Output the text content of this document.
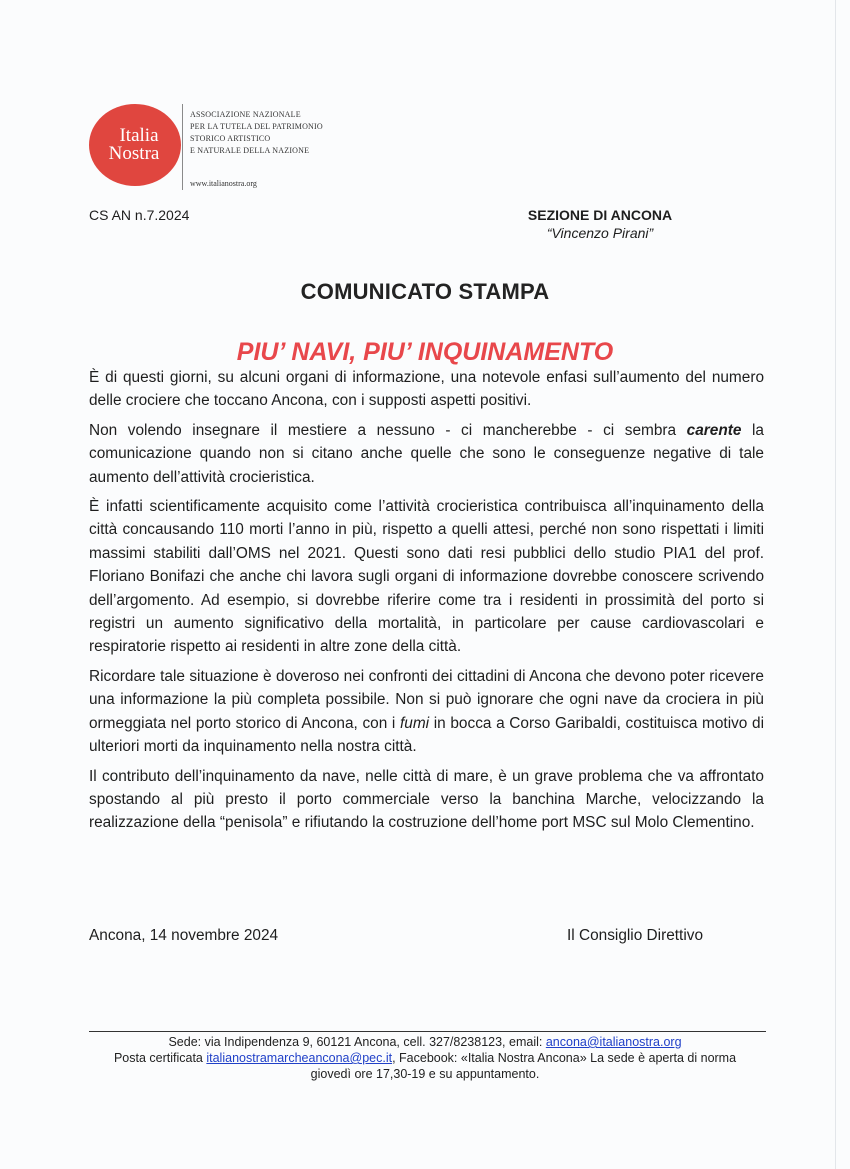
Italia
Nostra
ASSOCIAZIONE NAZIONALE
PER LA TUTELA DEL PATRIMONIO
STORICO ARTISTICO
E NATURALE DELLA NAZIONE
www.italianostra.org
CS AN n.7.2024	SEZIONE DI ANCONA
“Vincenzo Pirani”
COMUNICATO STAMPA
PIU’ NAVI, PIU’ INQUINAMENTO

È di questi giorni, su alcuni organi di informazione, una notevole enfasi sull’aumento del numero delle crociere che toccano Ancona, con i supposti aspetti positivi.

Non volendo insegnare il mestiere a nessuno - ci mancherebbe - ci sembra carente la comunicazione quando non si citano anche quelle che sono le conseguenze negative di tale aumento dell’attività crocieristica.

È infatti scientificamente acquisito come l’attività crocieristica contribuisca all’inquinamento della città concausando 110 morti l’anno in più, rispetto a quelli attesi, perché non sono rispettati i limiti massimi stabiliti dall’OMS nel 2021. Questi sono dati resi pubblici dello studio PIA1 del prof. Floriano Bonifazi che anche chi lavora sugli organi di informazione dovrebbe conoscere scrivendo dell’argomento. Ad esempio, si dovrebbe riferire come tra i residenti in prossimità del porto si registri un aumento significativo della mortalità, in particolare per cause cardiovascolari e respiratorie rispetto ai residenti in altre zone della città.

Ricordare tale situazione è doveroso nei confronti dei cittadini di Ancona che devono poter ricevere una informazione la più completa possibile. Non si può ignorare che ogni nave da crociera in più ormeggiata nel porto storico di Ancona, con i fumi in bocca a Corso Garibaldi, costituisca motivo di ulteriori morti da inquinamento nella nostra città.

Il contributo dell’inquinamento da nave, nelle città di mare, è un grave problema che va affrontato spostando al più presto il porto commerciale verso la banchina Marche, velocizzando la realizzazione della “penisola” e rifiutando la costruzione dell’home port MSC sul Molo Clementino.

Ancona, 14 novembre 2024	Il Consiglio Direttivo
Sede: via Indipendenza 9, 60121 Ancona, cell. 327/8238123, email: ancona@italianostra.org
Posta certificata italianostramarcheancona@pec.it, Facebook: «Italia Nostra Ancona» La sede è aperta di norma
giovedì ore 17,30-19 e su appuntamento.
